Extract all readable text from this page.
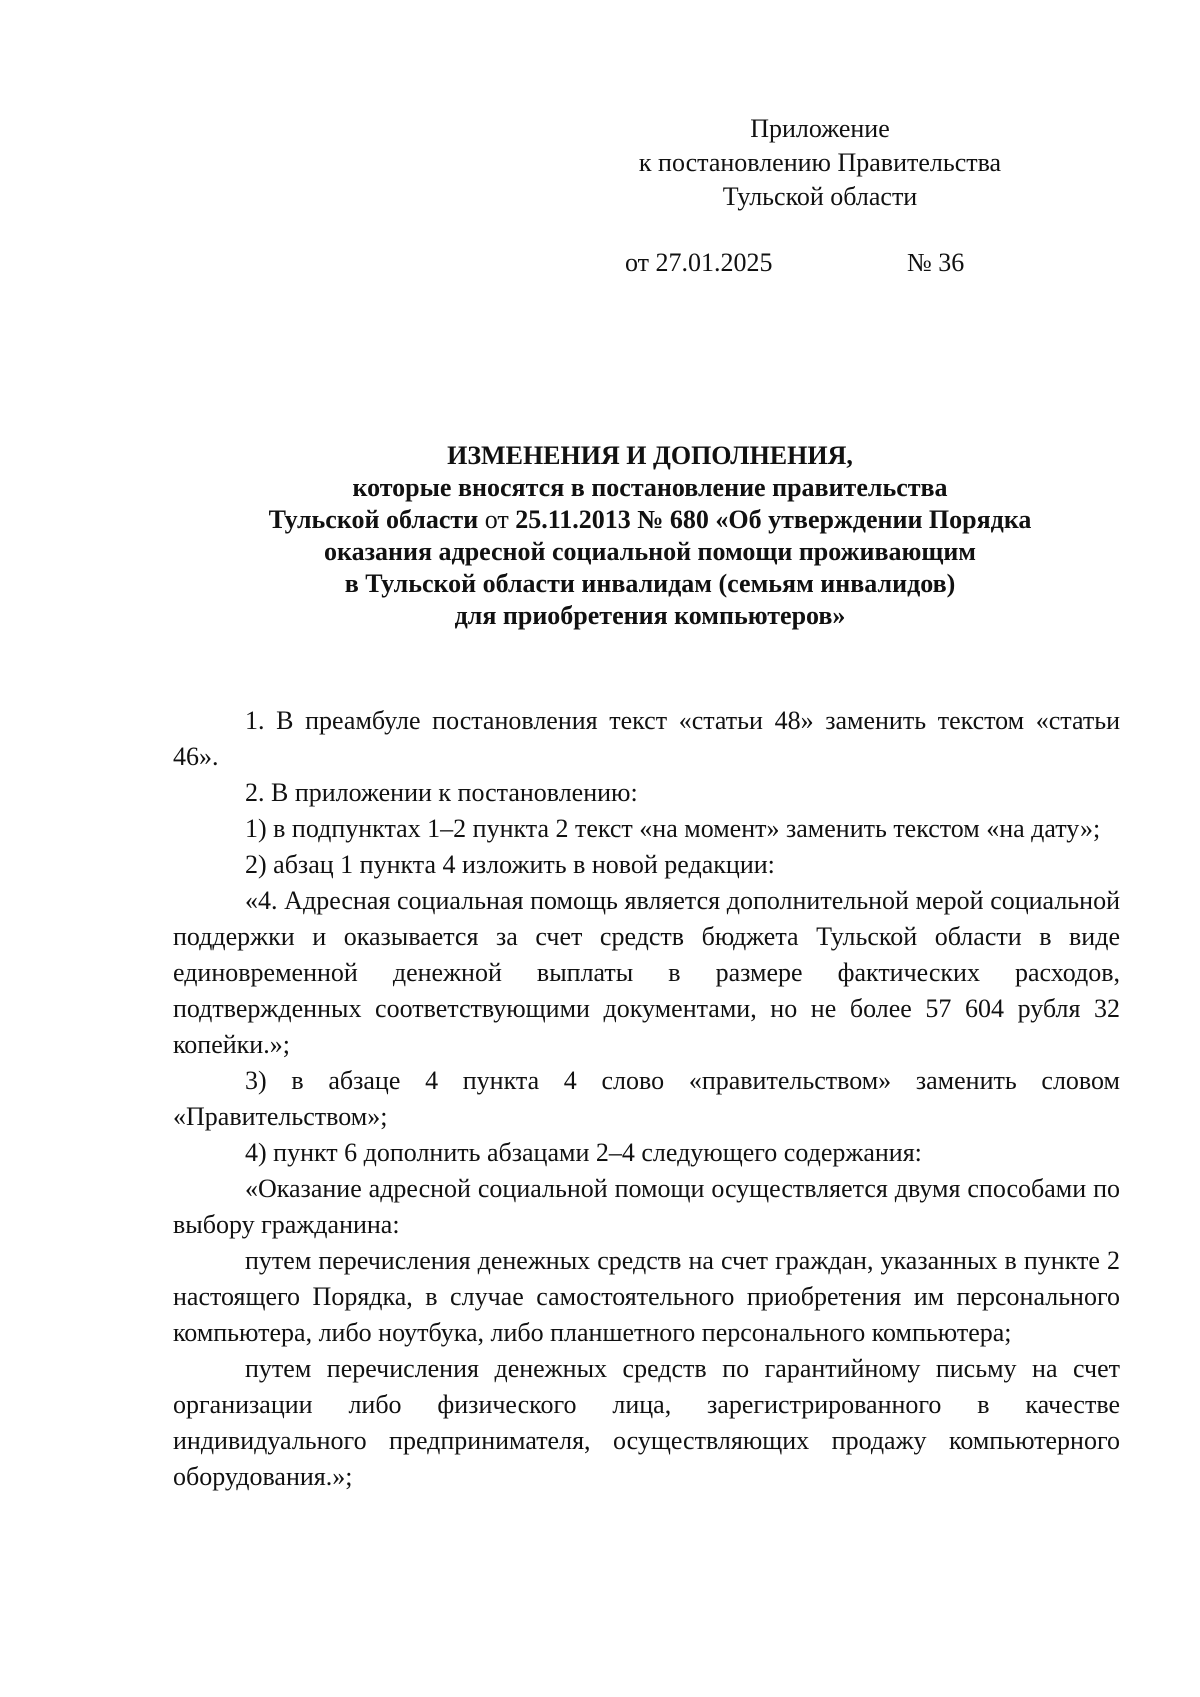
Приложение
к постановлению Правительства
Тульской области
от 27.01.2025	№ 36
ИЗМЕНЕНИЯ И ДОПОЛНЕНИЯ,
которые вносятся в постановление правительства
Тульской области от 25.11.2013 № 680 «Об утверждении Порядка
оказания адресной социальной помощи проживающим
в Тульской области инвалидам (семьям инвалидов)
для приобретения компьютеров»

1. В преамбуле постановления текст «статьи 48» заменить текстом «статьи 46».

2. В приложении к постановлению:

1) в подпунктах 1–2 пункта 2 текст «на момент» заменить текстом «на дату»;

2) абзац 1 пункта 4 изложить в новой редакции:

«4. Адресная социальная помощь является дополнительной мерой социальной поддержки и оказывается за счет средств бюджета Тульской области в виде единовременной денежной выплаты в размере фактических расходов, подтвержденных соответствующими документами, но не более 57 604 рубля 32 копейки.»;

3) в абзаце 4 пункта 4 слово «правительством» заменить словом «Правительством»;

4) пункт 6 дополнить абзацами 2–4 следующего содержания:

«Оказание адресной социальной помощи осуществляется двумя способами по выбору гражданина:

путем перечисления денежных средств на счет граждан, указанных в пункте 2 настоящего Порядка, в случае самостоятельного приобретения им персонального компьютера, либо ноутбука, либо планшетного персонального компьютера;

путем перечисления денежных средств по гарантийному письму на счет организации либо физического лица, зарегистрированного в качестве индивидуального предпринимателя, осуществляющих продажу компьютерного оборудования.»;
